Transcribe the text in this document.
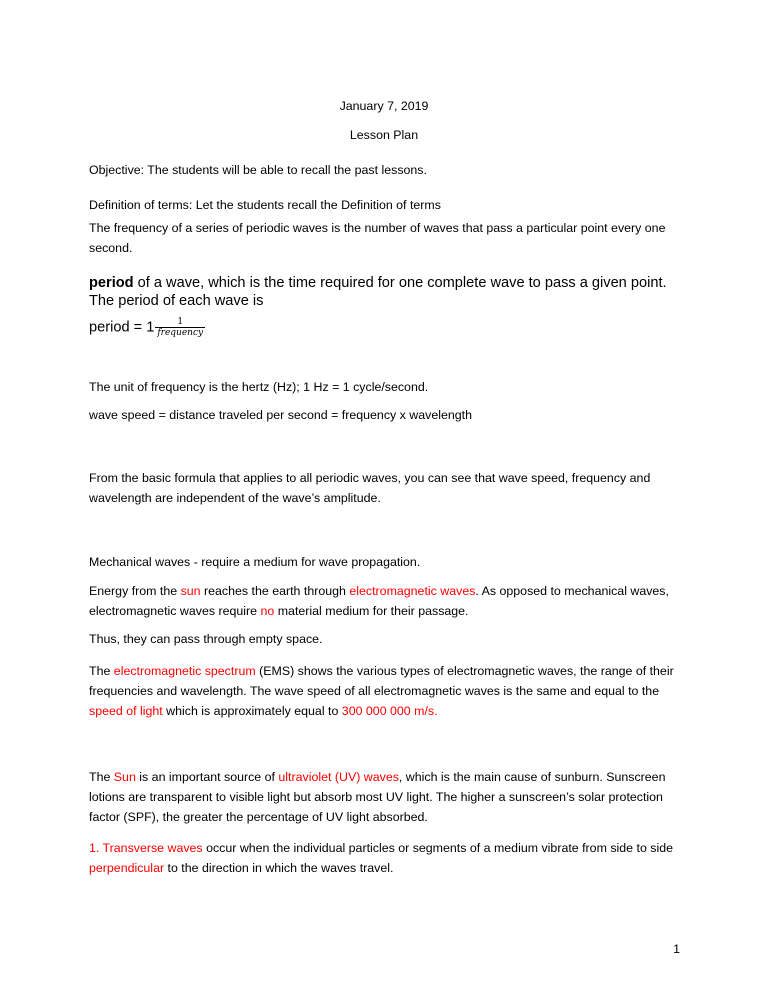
January 7, 2019

Lesson Plan

Objective: The students will be able to recall the past lessons.

Definition of terms: Let the students recall the Definition of terms

The frequency of a series of periodic waves is the number of waves that pass a particular point every one second.

period of a wave, which is the time required for one complete wave to pass a given point. The period of each wave is

period = $1 \frac{1}{\text{frequency}}$

The unit of frequency is the hertz (Hz); 1 Hz = 1 cycle/second.

wave speed = distance traveled per second = frequency x wavelength

From the basic formula that applies to all periodic waves, you can see that wave speed, frequency and wavelength are independent of the wave’s amplitude.

Mechanical waves - require a medium for wave propagation.

Energy from the sun reaches the earth through electromagnetic waves. As opposed to mechanical waves, electromagnetic waves require no material medium for their passage.

Thus, they can pass through empty space.

The electromagnetic spectrum (EMS) shows the various types of electromagnetic waves, the range of their frequencies and wavelength. The wave speed of all electromagnetic waves is the same and equal to the speed of light which is approximately equal to 300 000 000 m/s.

The Sun is an important source of ultraviolet (UV) waves, which is the main cause of sunburn. Sunscreen lotions are transparent to visible light but absorb most UV light. The higher a sunscreen’s solar protection factor (SPF), the greater the percentage of UV light absorbed.

1. Transverse waves occur when the individual particles or segments of a medium vibrate from side to side perpendicular to the direction in which the waves travel.

1
